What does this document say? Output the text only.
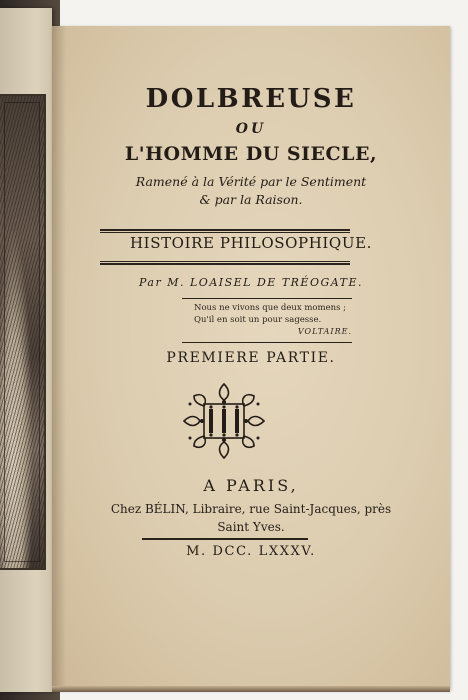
DOLBREUSE
OU
L'HOMME DU SIECLE,
Ramené à la Vérité par le Sentiment
& par la Raison.
HISTOIRE PHILOSOPHIQUE.
Par M. LOAISEL DE TRÉOGATE.
Nous ne vivons que deux momens ;
Qu'il en soit un pour sagesse.
VOLTAIRE.
PREMIERE PARTIE.
A PARIS,
Chez BÉLIN, Libraire, rue Saint-Jacques, près
Saint Yves.
M. DCC. LXXXV.
